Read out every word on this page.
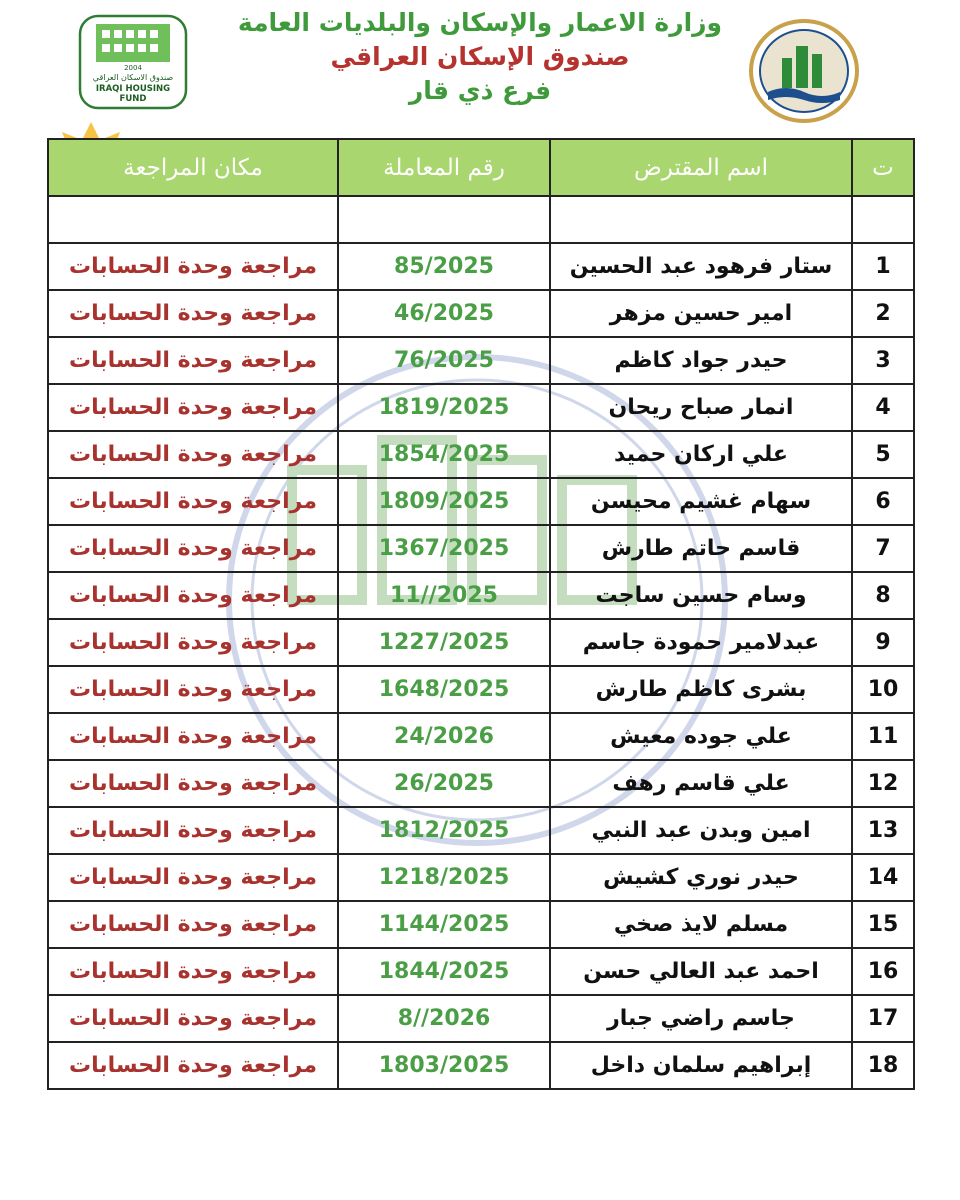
2004
صندوق الاسكان العراقي
IRAQI HOUSING
FUND
وزارة الاعمار والإسكان والبلديات العامة
صندوق الإسكان العراقي
فرع ذي قار
ت	اسم المقترض	رقم المعاملة	مكان المراجعة

1	ستار فرهود عبد الحسين	85/2025	مراجعة وحدة الحسابات
2	امير حسين مزهر	46/2025	مراجعة وحدة الحسابات
3	حيدر جواد كاظم	76/2025	مراجعة وحدة الحسابات
4	انمار صباح ريحان	1819/2025	مراجعة وحدة الحسابات
5	علي اركان حميد	1854/2025	مراجعة وحدة الحسابات
6	سهام غشيم محيسن	1809/2025	مراجعة وحدة الحسابات
7	قاسم حاتم طارش	1367/2025	مراجعة وحدة الحسابات
8	وسام حسين ساجت	11//2025	مراجعة وحدة الحسابات
9	عبدلامير حمودة جاسم	1227/2025	مراجعة وحدة الحسابات
10	بشرى كاظم طارش	1648/2025	مراجعة وحدة الحسابات
11	علي جوده معيش	24/2026	مراجعة وحدة الحسابات
12	علي قاسم رهف	26/2025	مراجعة وحدة الحسابات
13	امين وبدن عبد النبي	1812/2025	مراجعة وحدة الحسابات
14	حيدر نوري كشيش	1218/2025	مراجعة وحدة الحسابات
15	مسلم لايذ صخي	1144/2025	مراجعة وحدة الحسابات
16	احمد عبد العالي حسن	1844/2025	مراجعة وحدة الحسابات
17	جاسم راضي جبار	8//2026	مراجعة وحدة الحسابات
18	إبراهيم سلمان داخل	1803/2025	مراجعة وحدة الحسابات
